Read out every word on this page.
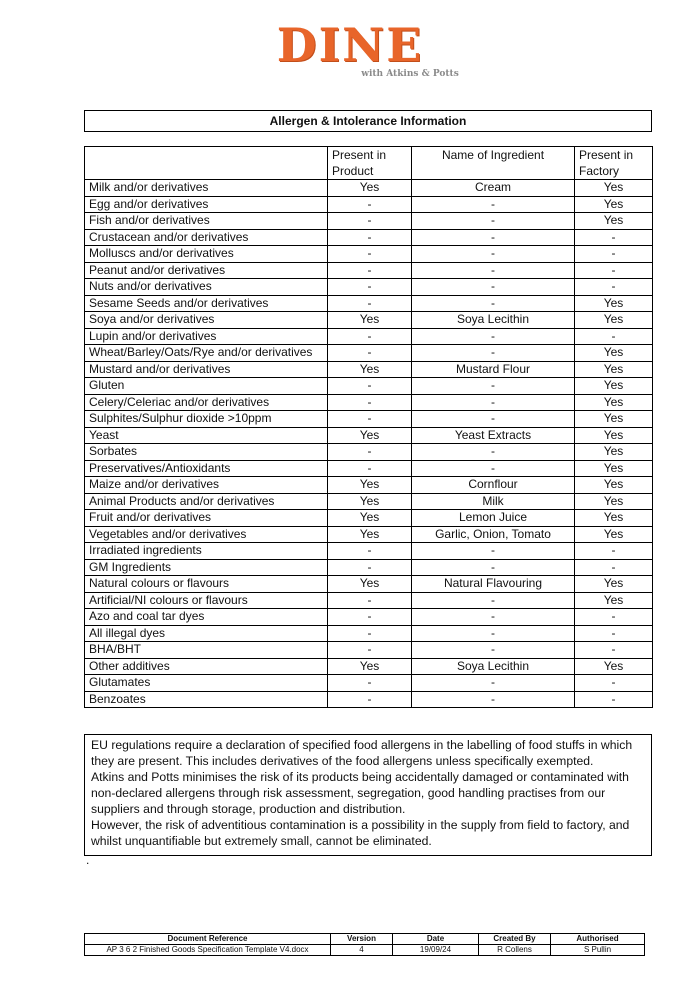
DINE
with Atkins & Potts
Allergen & Intolerance Information
	Present in Product	Name of Ingredient	Present in Factory
Milk and/or derivatives	Yes	Cream	Yes
Egg and/or derivatives	-	-	Yes
Fish and/or derivatives	-	-	Yes
Crustacean and/or derivatives	-	-	-
Molluscs and/or derivatives	-	-	-
Peanut and/or derivatives	-	-	-
Nuts and/or derivatives	-	-	-
Sesame Seeds and/or derivatives	-	-	Yes
Soya and/or derivatives	Yes	Soya Lecithin	Yes
Lupin and/or derivatives	-	-	-
Wheat/Barley/Oats/Rye and/or derivatives	-	-	Yes
Mustard and/or derivatives	Yes	Mustard Flour	Yes
Gluten	-	-	Yes
Celery/Celeriac and/or derivatives	-	-	Yes
Sulphites/Sulphur dioxide >10ppm	-	-	Yes
Yeast	Yes	Yeast Extracts	Yes
Sorbates	-	-	Yes
Preservatives/Antioxidants	-	-	Yes
Maize and/or derivatives	Yes	Cornflour	Yes
Animal Products and/or derivatives	Yes	Milk	Yes
Fruit and/or derivatives	Yes	Lemon Juice	Yes
Vegetables and/or derivatives	Yes	Garlic, Onion, Tomato	Yes
Irradiated ingredients	-	-	-
GM Ingredients	-	-	-
Natural colours or flavours	Yes	Natural Flavouring	Yes
Artificial/NI colours or flavours	-	-	Yes
Azo and coal tar dyes	-	-	-
All illegal dyes	-	-	-
BHA/BHT	-	-	-
Other additives	Yes	Soya Lecithin	Yes
Glutamates	-	-	-
Benzoates	-	-	-

EU regulations require a declaration of specified food allergens in the labelling of food stuffs in which they are present. This includes derivatives of the food allergens unless specifically exempted.

Atkins and Potts minimises the risk of its products being accidentally damaged or contaminated with non-declared allergens through risk assessment, segregation, good handling practises from our suppliers and through storage, production and distribution.

However, the risk of adventitious contamination is a possibility in the supply from field to factory, and whilst unquantifiable but extremely small, cannot be eliminated.

.
Document Reference	Version	Date	Created By	Authorised
AP 3 6 2 Finished Goods Specification Template V4.docx	4	19/09/24	R Collens	S Pullin
